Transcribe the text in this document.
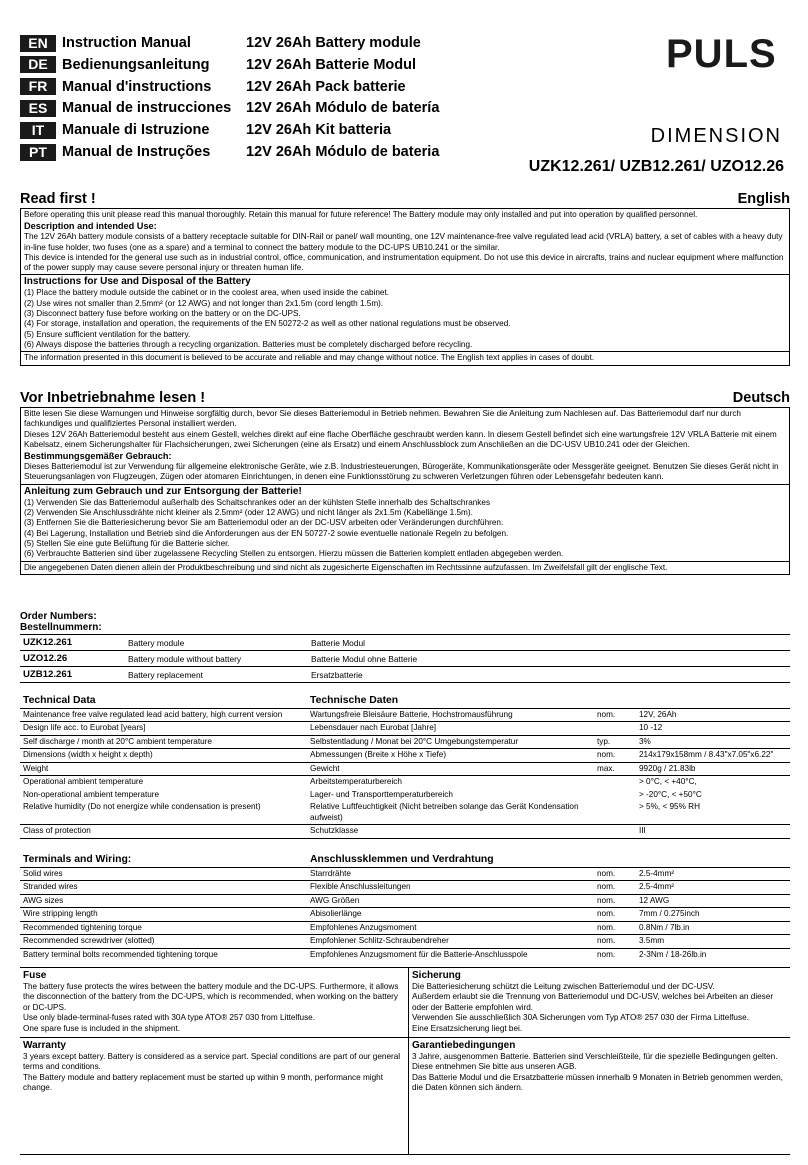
EN Instruction Manual	12V 26Ah Battery module
DE Bedienungsanleitung	12V 26Ah Batterie Modul
FR	Manual d'instructions	12V 26Ah Pack batterie
ES	Manual de instrucciones	12V 26Ah Módulo de batería
IT	Manuale di Istruzione	12V 26Ah Kit batteria
PT	Manual de Instruções	12V 26Ah Módulo de bateria
PULS
DIMENSION
UZK12.261/ UZB12.261/ UZO12.26
Read first !	English
Before operating this unit please read this manual thoroughly. Retain this manual for future reference! The Battery module may only installed and put into operation by qualified personnel.
Description and intended Use:
The 12V 26Ah battery module consists of a battery receptacle suitable for DIN-Rail or panel/ wall mounting, one 12V maintenance-free valve regulated lead acid (VRLA) battery, a set of cables with a heavy duty in-line fuse holder, two fuses (one as a spare) and a terminal to connect the battery module to the DC-UPS UB10.241 or the similar.
This device is intended for the general use such as in industrial control, office, communication, and instrumentation equipment. Do not use this device in aircrafts, trains and nuclear equipment where malfunction of the power supply may cause severe personal injury or threaten human life.
Instructions for Use and Disposal of the Battery
(1) Place the battery module outside the cabinet or in the coolest area, when used inside the cabinet.
(2) Use wires not smaller than 2.5mm² (or 12 AWG) and not longer than 2x1.5m (cord length 1.5m).
(3) Disconnect battery fuse before working on the battery or on the DC-UPS.
(4) For storage, installation and operation, the requirements of the EN 50272-2 as well as other national regulations must be observed.
(5) Ensure sufficient ventilation for the battery.
(6) Always dispose the batteries through a recycling organization. Batteries must be completely discharged before recycling.
The information presented in this document is believed to be accurate and reliable and may change without notice. The English text applies in cases of doubt.
Vor Inbetriebnahme lesen !	Deutsch
Bitte lesen Sie diese Warnungen und Hinweise sorgfältig durch, bevor Sie dieses Batteriemodul in Betrieb nehmen. Bewahren Sie die Anleitung zum Nachlesen auf. Das Batteriemodul darf nur durch fachkundiges und qualifiziertes Personal installiert werden.
Dieses 12V 26Ah Batteriemodul besteht aus einem Gestell, welches direkt auf eine flache Oberfläche geschraubt werden kann. In diesem Gestell befindet sich eine wartungsfreie 12V VRLA Batterie mit einem Kabelsatz, einem Sicherungshalter für Flachsicherungen, zwei Sicherungen (eine als Ersatz) und einem Anschlussblock zum Anschließen an die DC-USV UB10.241 oder der Gleichen.
Bestimmungsgemäßer Gebrauch:
Dieses Batteriemodul ist zur Verwendung für allgemeine elektronische Geräte, wie z.B. Industriesteuerungen, Bürogeräte, Kommunikationsgeräte oder Messgeräte geeignet. Benutzen Sie dieses Gerät nicht in Steuerungsanlagen von Flugzeugen, Zügen oder atomaren Einrichtungen, in denen eine Funktionsstörung zu schweren Verletzungen führen oder Lebensgefahr bedeuten kann.
Anleitung zum Gebrauch und zur Entsorgung der Batterie!
(1) Verwenden Sie das Batteriemodul außerhalb des Schaltschrankes oder an der kühlsten Stelle innerhalb des Schaltschrankes
(2) Verwenden Sie Anschlussdrähte nicht kleiner als 2.5mm² (oder 12 AWG) und nicht länger als 2x1.5m (Kabellänge 1.5m).
(3) Entfernen Sie die Batteriesicherung bevor Sie am Batteriemodul oder an der DC-USV arbeiten oder Veränderungen durchführen.
(4) Bei Lagerung, Installation und Betrieb sind die Anforderungen aus der EN 50727-2 sowie eventuelle nationale Regeln zu befolgen.
(5) Stellen Sie eine gute Belüftung für die Batterie sicher.
(6) Verbrauchte Batterien sind über zugelassene Recycling Stellen zu entsorgen. Hierzu müssen die Batterien komplett entladen abgegeben werden.
Die angegebenen Daten dienen allein der Produktbeschreibung und sind nicht als zugesicherte Eigenschaften im Rechtssinne aufzufassen. Im Zweifelsfall gilt der englische Text.
Order Numbers:
Bestellnummern:
UZK12.261	Battery module	Batterie Modul
UZO12.26	Battery module without battery	Batterie Modul ohne Batterie
UZB12.261	Battery replacement	Ersatzbatterie
Technical Data	Technische Daten		
Maintenance free valve regulated lead acid battery, high current version	Wartungsfreie Bleisäure Batterie, Hochstromausführung	nom.	12V, 26Ah
Design life acc. to Eurobat [years]	Lebensdauer nach Eurobat [Jahre]		10 -12
Self discharge / month at 20°C ambient temperature	Selbstentladung / Monat bei 20°C Umgebungstemperatur	typ.	3%
Dimensions (width x height x depth)	Abmessungen (Breite x Höhe x Tiefe)	nom.	214x179x158mm / 8.43"x7.05"x6.22"
Weight	Gewicht	max.	9920g / 21.83lb
Operational ambient temperature	Arbeitstemperaturbereich		> 0°C, < +40°C,
Non-operational ambient temperature	Lager- und Transporttemperaturbereich		> -20°C, < +50°C
Relative humidity (Do not energize while condensation is present)	Relative Luftfeuchtigkeit (Nicht betreiben solange das Gerät Kondensation aufweist)		> 5%, < 95% RH
Class of protection	Schutzklasse		III
Terminals and Wiring:	Anschlussklemmen und Verdrahtung		
Solid wires	Starrdrähte	nom.	2.5-4mm²
Stranded wires	Flexible Anschlussleitungen	nom.	2.5-4mm²
AWG sizes	AWG Größen	nom.	12 AWG
Wire stripping length	Abisolierlänge	nom.	7mm / 0.275inch
Recommended tightening torque	Empfohlenes Anzugsmoment	nom.	0.8Nm / 7lb.in
Recommended screwdriver (slotted)	Empfohlener Schlitz-Schraubendreher	nom.	3.5mm
Battery terminal bolts recommended tightening torque	Empfohlenes Anzugsmoment für die Batterie-Anschlusspole	nom.	2-3Nm / 18-26lb.in
Fuse

The battery fuse protects the wires between the battery module and the DC-UPS. Furthermore, it allows the disconnection of the battery from the DC-UPS, which is recommended, when working on the battery or DC-UPS.

Use only blade-terminal-fuses rated with 30A type ATO® 257 030 from Littelfuse.

One spare fuse is included in the shipment.

Sicherung

Die Batteriesicherung schützt die Leitung zwischen Batteriemodul und der DC-USV.

Außerdem erlaubt sie die Trennung von Batteriemodul und DC-USV, welches bei Arbeiten an dieser oder der Batterie empfohlen wird.

Verwenden Sie ausschließlich 30A Sicherungen vom Typ ATO® 257 030 der Firma Littelfuse.

Eine Ersatzsicherung liegt bei.

Warranty

3 years except battery. Battery is considered as a service part. Special conditions are part of our general terms and conditions.

The Battery module and battery replacement must be started up within 9 month, performance might change.

Garantiebedingungen

3 Jahre, ausgenommen Batterie. Batterien sind Verschleißteile, für die spezielle Bedingungen gelten. Diese entnehmen Sie bitte aus unseren AGB.

Das Batterie Modul und die Ersatzbatterie müssen innerhalb 9 Monaten in Betrieb genommen werden, die Daten können sich ändern.
